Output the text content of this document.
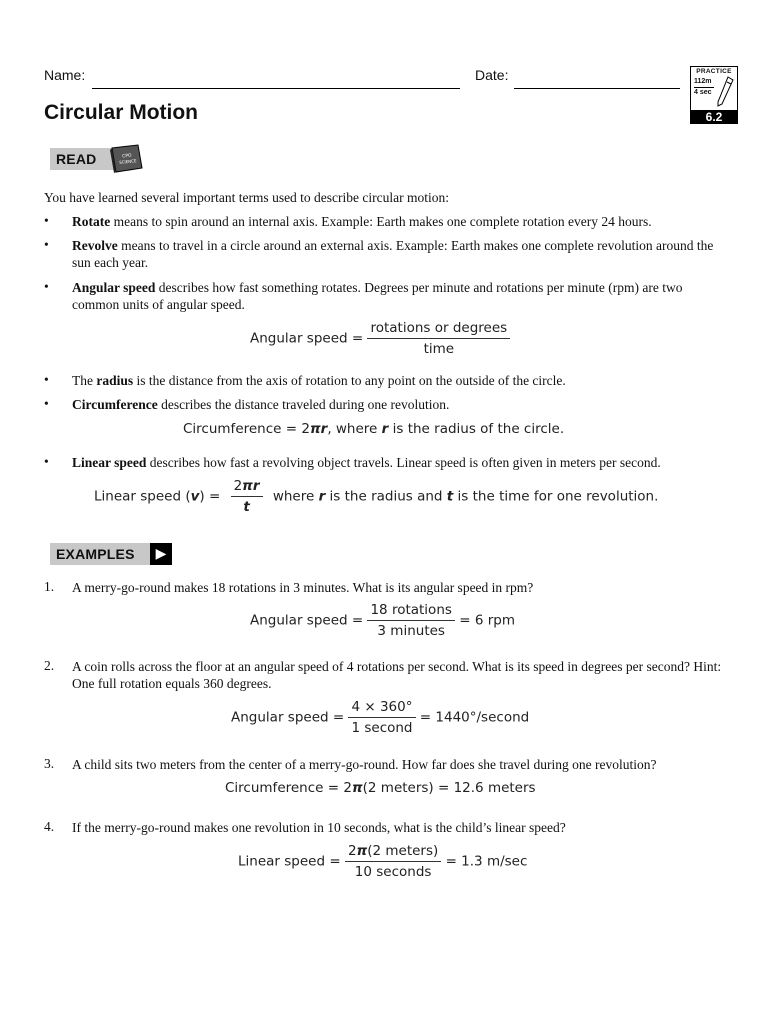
Name:	Date:	PRACTICE
112m
4 sec
6.2
Circular Motion
READ	CPO
SCIENCE
You have learned several important terms used to describe circular motion:
• Rotate means to spin around an internal axis. Example: Earth makes one complete rotation every 24 hours.
• Revolve means to travel in a circle around an external axis. Example: Earth makes one complete revolution around the sun each year.
• Angular speed describes how fast something rotates. Degrees per minute and rotations per minute (rpm) are two common units of angular speed.
Angular speed = $\frac{\text{rotations or degrees}}{\text{time}}$
• The radius is the distance from the axis of rotation to any point on the outside of the circle.
• Circumference describes the distance traveled during one revolution.
Circumference = 2πr, where r is the radius of the circle.
• Linear speed describes how fast a revolving object travels. Linear speed is often given in meters per second.
Linear speed $(v) = \frac{2\pi r}{t}$ where r is the radius and t is the time for one revolution.
EXAMPLES	▶
1. A merry-go-round makes 18 rotations in 3 minutes. What is its angular speed in rpm?
Angular speed = $\frac{\text{18 rotations}}{\text{3 minutes}} = 6$ rpm
2. A coin rolls across the floor at an angular speed of 4 rotations per second. What is its speed in degrees per second? Hint: One full rotation equals 360 degrees.
Angular speed = $\frac{4 \times 360^\circ}{\text{1 second}}$ = 1440°/second
3. A child sits two meters from the center of a merry-go-round. How far does she travel during one revolution?
Circumference = 2π(2 meters) = 12.6 meters
4. If the merry-go-round makes one revolution in 10 seconds, what is the child’s linear speed?
Linear speed = $\frac{\text{2π(2 meters)}}{\text{10 seconds}} = 1.3$ m/sec
